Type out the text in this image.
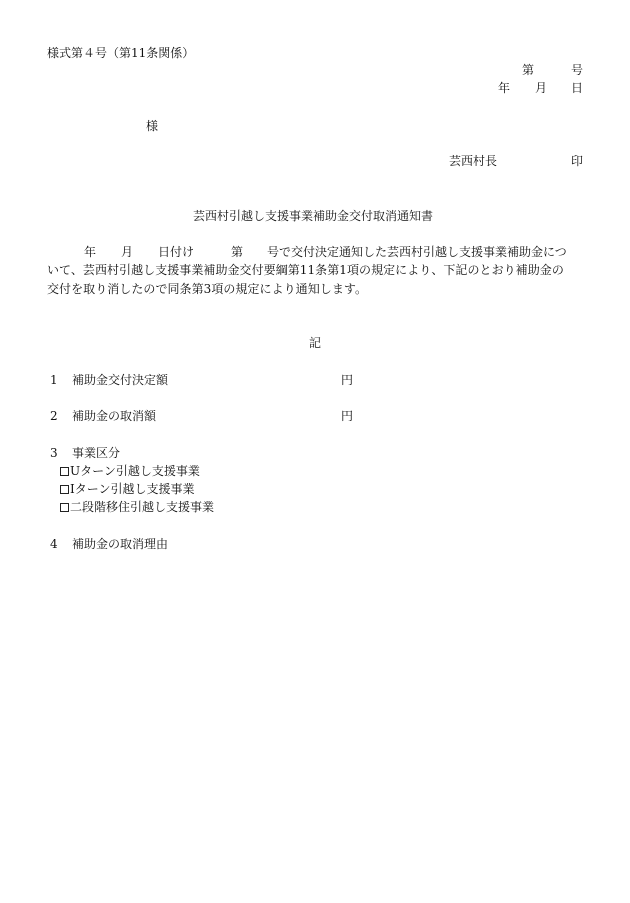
様式第４号（第11条関係）
第	号
年 月 日
様
芸西村長	印
芸西村引越し支援事業補助金交付取消通知書
年 月 日付け	第 号で交付決定通知した芸西村引越し支援事業補助金につ
いて、芸西村引越し支援事業補助金交付要綱第11条第1項の規定により、下記のとおり補助金の
交付を取り消したので同条第3項の規定により通知します。
記
1 補助金交付決定額	円
2 補助金の取消額	円
3 事業区分
Uターン引越し支援事業
Iターン引越し支援事業
二段階移住引越し支援事業
4 補助金の取消理由
